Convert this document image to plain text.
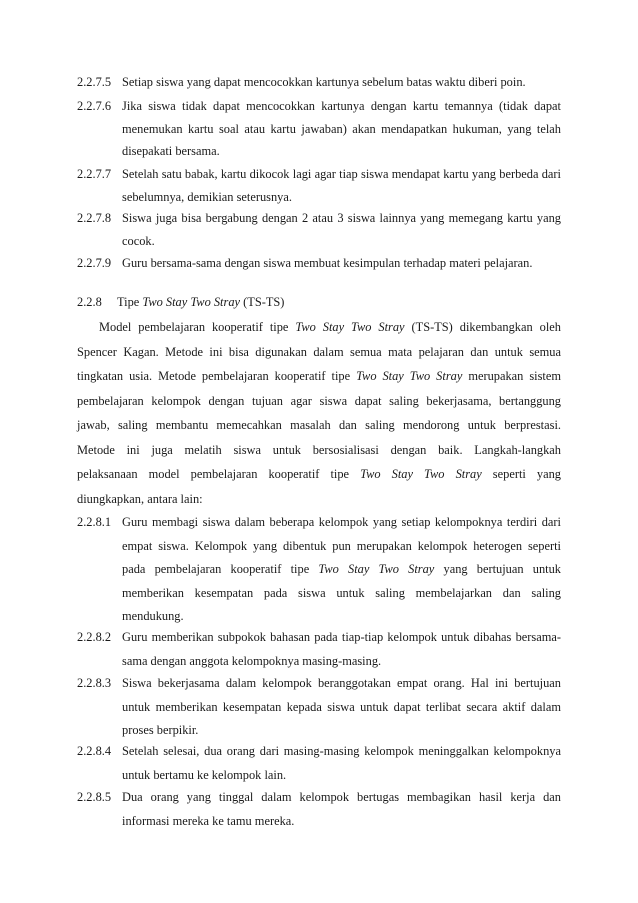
2.2.7.5 Setiap siswa yang dapat mencocokkan kartunya sebelum batas waktu diberi poin.
2.2.7.6 Jika siswa tidak dapat mencocokkan kartunya dengan kartu temannya (tidak dapat menemukan kartu soal atau kartu jawaban) akan mendapatkan hukuman, yang telah disepakati bersama.
2.2.7.7 Setelah satu babak, kartu dikocok lagi agar tiap siswa mendapat kartu yang berbeda dari sebelumnya, demikian seterusnya.
2.2.7.8 Siswa juga bisa bergabung dengan 2 atau 3 siswa lainnya yang memegang kartu yang cocok.
2.2.7.9 Guru bersama-sama dengan siswa membuat kesimpulan terhadap materi pelajaran.
2.2.8 Tipe Two Stay Two Stray (TS-TS)
Model pembelajaran kooperatif tipe Two Stay Two Stray (TS-TS) dikembangkan oleh
Spencer Kagan. Metode ini bisa digunakan dalam semua mata pelajaran dan untuk semua
tingkatan usia. Metode pembelajaran kooperatif tipe Two Stay Two Stray merupakan sistem
pembelajaran kelompok dengan tujuan agar siswa dapat saling bekerjasama, bertanggung
jawab, saling membantu memecahkan masalah dan saling mendorong untuk berprestasi.
Metode ini juga melatih siswa untuk bersosialisasi dengan baik. Langkah-langkah
pelaksanaan model pembelajaran kooperatif tipe Two Stay Two Stray seperti yang
diungkapkan, antara lain:
2.2.8.1 Guru membagi siswa dalam beberapa kelompok yang setiap kelompoknya terdiri dari empat siswa. Kelompok yang dibentuk pun merupakan kelompok heterogen seperti pada pembelajaran kooperatif tipe Two Stay Two Stray yang bertujuan untuk memberikan kesempatan pada siswa untuk saling membelajarkan dan saling mendukung.
2.2.8.2 Guru memberikan subpokok bahasan pada tiap-tiap kelompok untuk dibahas bersama-sama dengan anggota kelompoknya masing-masing.
2.2.8.3 Siswa bekerjasama dalam kelompok beranggotakan empat orang. Hal ini bertujuan untuk memberikan kesempatan kepada siswa untuk dapat terlibat secara aktif dalam proses berpikir.
2.2.8.4 Setelah selesai, dua orang dari masing-masing kelompok meninggalkan kelompoknya untuk bertamu ke kelompok lain.
2.2.8.5 Dua orang yang tinggal dalam kelompok bertugas membagikan hasil kerja dan informasi mereka ke tamu mereka.
